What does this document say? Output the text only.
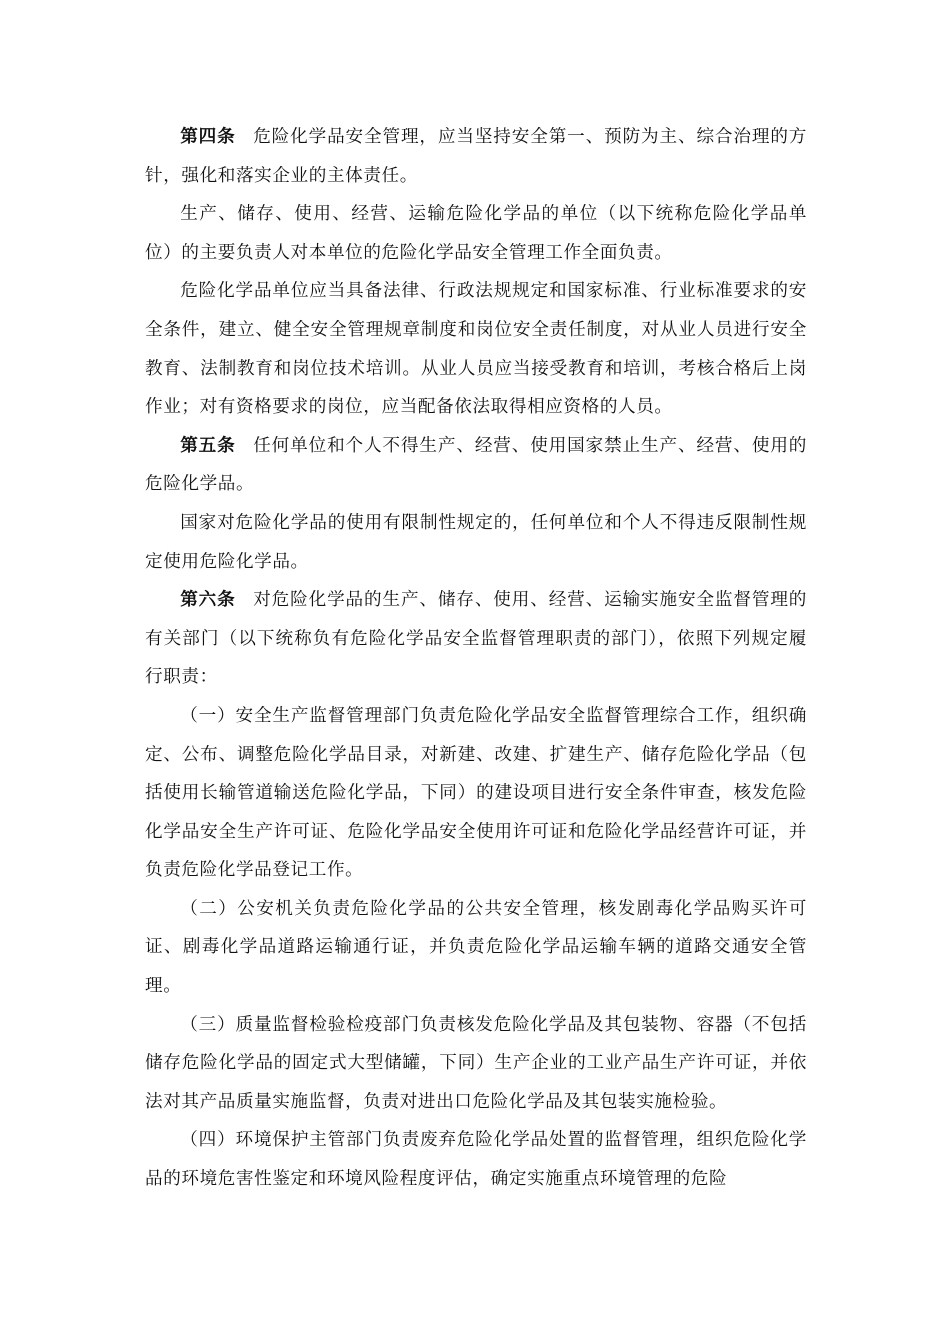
第四条 危险化学品安全管理，应当坚持安全第一、预防为主、综合治理的方针，强化和落实企业的主体责任。

生产、储存、使用、经营、运输危险化学品的单位（以下统称危险化学品单位）的主要负责人对本单位的危险化学品安全管理工作全面负责。

危险化学品单位应当具备法律、行政法规规定和国家标准、行业标准要求的安全条件，建立、健全安全管理规章制度和岗位安全责任制度，对从业人员进行安全教育、法制教育和岗位技术培训。从业人员应当接受教育和培训，考核合格后上岗作业；对有资格要求的岗位，应当配备依法取得相应资格的人员。

第五条 任何单位和个人不得生产、经营、使用国家禁止生产、经营、使用的危险化学品。

国家对危险化学品的使用有限制性规定的，任何单位和个人不得违反限制性规定使用危险化学品。

第六条 对危险化学品的生产、储存、使用、经营、运输实施安全监督管理的有关部门（以下统称负有危险化学品安全监督管理职责的部门），依照下列规定履行职责：

（一）安全生产监督管理部门负责危险化学品安全监督管理综合工作，组织确定、公布、调整危险化学品目录，对新建、改建、扩建生产、储存危险化学品（包括使用长输管道输送危险化学品，下同）的建设项目进行安全条件审查，核发危险化学品安全生产许可证、危险化学品安全使用许可证和危险化学品经营许可证，并负责危险化学品登记工作。

（二）公安机关负责危险化学品的公共安全管理，核发剧毒化学品购买许可证、剧毒化学品道路运输通行证，并负责危险化学品运输车辆的道路交通安全管理。

（三）质量监督检验检疫部门负责核发危险化学品及其包装物、容器（不包括储存危险化学品的固定式大型储罐，下同）生产企业的工业产品生产许可证，并依法对其产品质量实施监督，负责对进出口危险化学品及其包装实施检验。

（四）环境保护主管部门负责废弃危险化学品处置的监督管理，组织危险化学品的环境危害性鉴定和环境风险程度评估，确定实施重点环境管理的危险
